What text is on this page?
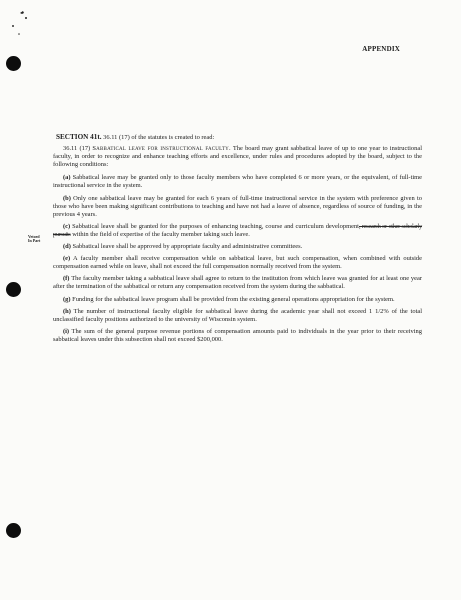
APPENDIX
Vetoed
In Part
SECTION 41t. 36.11 (17) of the statutes is created to read:

36.11 (17) Sabbatical leave for instructional faculty. The board may grant sabbatical leave of up to one year to instructional faculty, in order to recognize and enhance teaching efforts and excellence, under rules and procedures adopted by the board, subject to the following conditions:

(a) Sabbatical leave may be granted only to those faculty members who have completed 6 or more years, or the equivalent, of full-time instructional service in the system.

(b) Only one sabbatical leave may be granted for each 6 years of full-time instructional service in the system with preference given to those who have been making significant contributions to teaching and have not had a leave of absence, regardless of source of funding, in the previous 4 years.

(c) Sabbatical leave shall be granted for the purposes of enhancing teaching, course and curriculum development, research or other scholarly pursuits within the field of expertise of the faculty member taking such leave.

(d) Sabbatical leave shall be approved by appropriate faculty and administrative committees.

(e) A faculty member shall receive compensation while on sabbatical leave, but such compensation, when combined with outside compensation earned while on leave, shall not exceed the full compensation normally received from the system.

(f) The faculty member taking a sabbatical leave shall agree to return to the institution from which leave was granted for at least one year after the termination of the sabbatical or return any compensation received from the system during the sabbatical.

(g) Funding for the sabbatical leave program shall be provided from the existing general operations appropriation for the system.

(h) The number of instructional faculty eligible for sabbatical leave during the academic year shall not exceed 1 1/2% of the total unclassified faculty positions authorized to the university of Wisconsin system.

(i) The sum of the general purpose revenue portions of compensation amounts paid to individuals in the year prior to their receiving sabbatical leaves under this subsection shall not exceed $200,000.
